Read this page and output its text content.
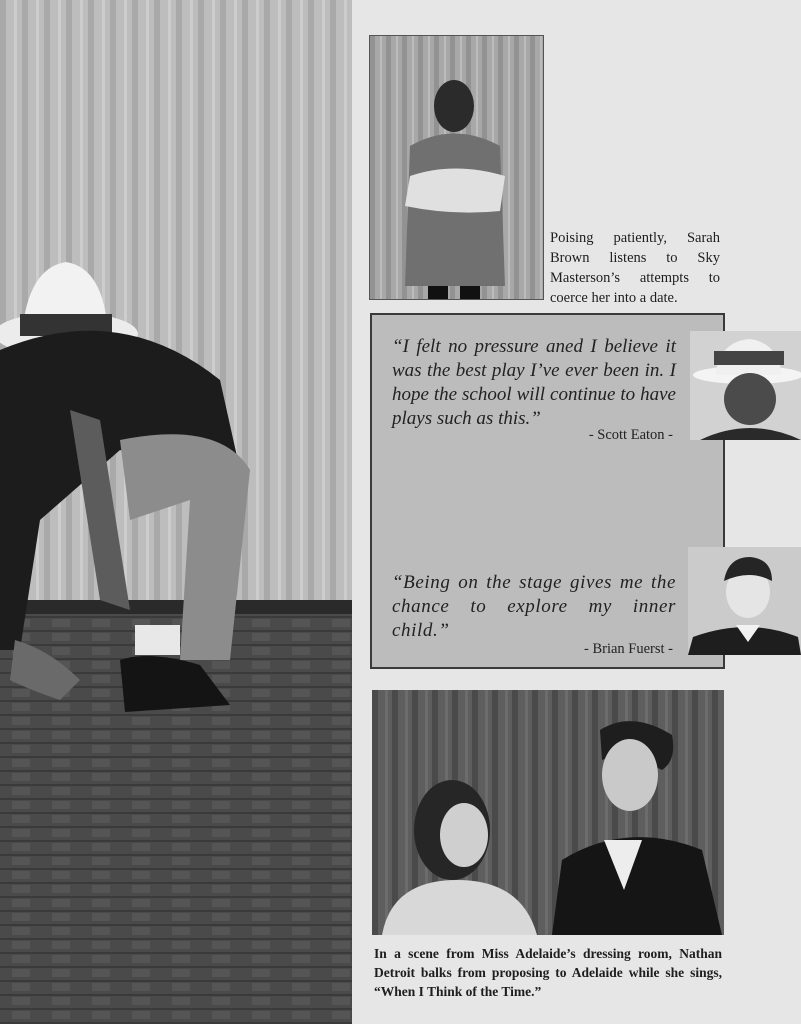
Poising patiently, Sarah Brown listens to Sky Masterson’s attempts to coerce her into a date.
“I felt no pressure aned I believe it was the best play I’ve ever been in. I hope the school will continue to have plays such as this.”
- Scott Eaton -
“Being on the stage gives me the chance to explore my inner child.”
- Brian Fuerst -
In a scene from Miss Adelaide’s dressing room, Nathan Detroit balks from proposing to Adelaide while she sings, “When I Think of the Time.”
